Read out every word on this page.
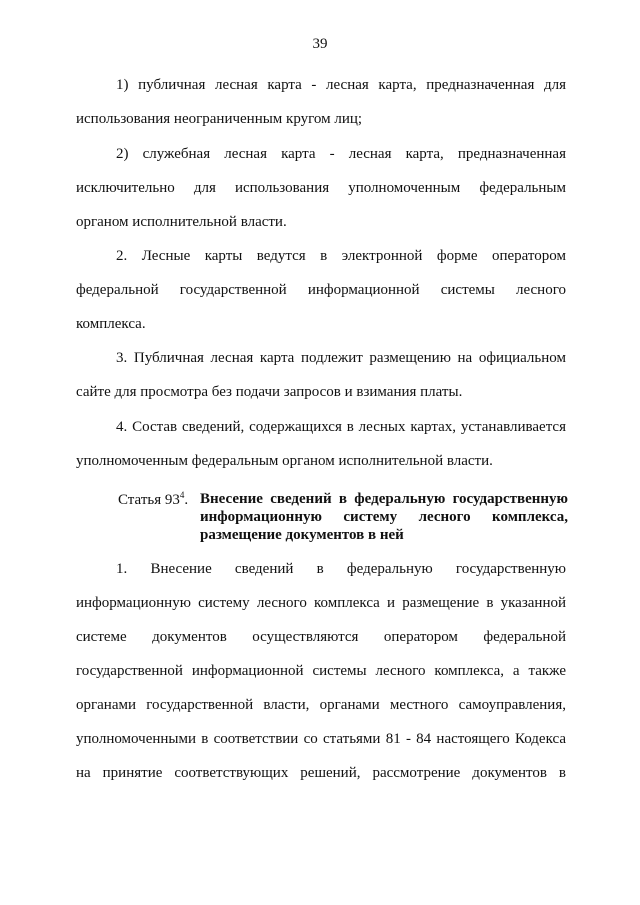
39
1) публичная лесная карта - лесная карта, предназначенная для
использования неограниченным кругом лиц;
2) служебная лесная карта - лесная карта, предназначенная
исключительно для использования уполномоченным федеральным
органом исполнительной власти.
2. Лесные карты ведутся в электронной форме оператором
федеральной государственной информационной системы лесного
комплекса.
3. Публичная лесная карта подлежит размещению на официальном
сайте для просмотра без подачи запросов и взимания платы.
4. Состав сведений, содержащихся в лесных картах, устанавливается
уполномоченным федеральным органом исполнительной власти.
Статья $93^4$. Внесение сведений в федеральную государственную
информационную систему лесного комплекса,
размещение документов в ней
1. Внесение сведений в федеральную государственную
информационную систему лесного комплекса и размещение в указанной
системе документов осуществляются оператором федеральной
государственной информационной системы лесного комплекса, а также
органами государственной власти, органами местного самоуправления,
уполномоченными в соответствии со статьями 81 - 84 настоящего Кодекса
на принятие соответствующих решений, рассмотрение документов в
